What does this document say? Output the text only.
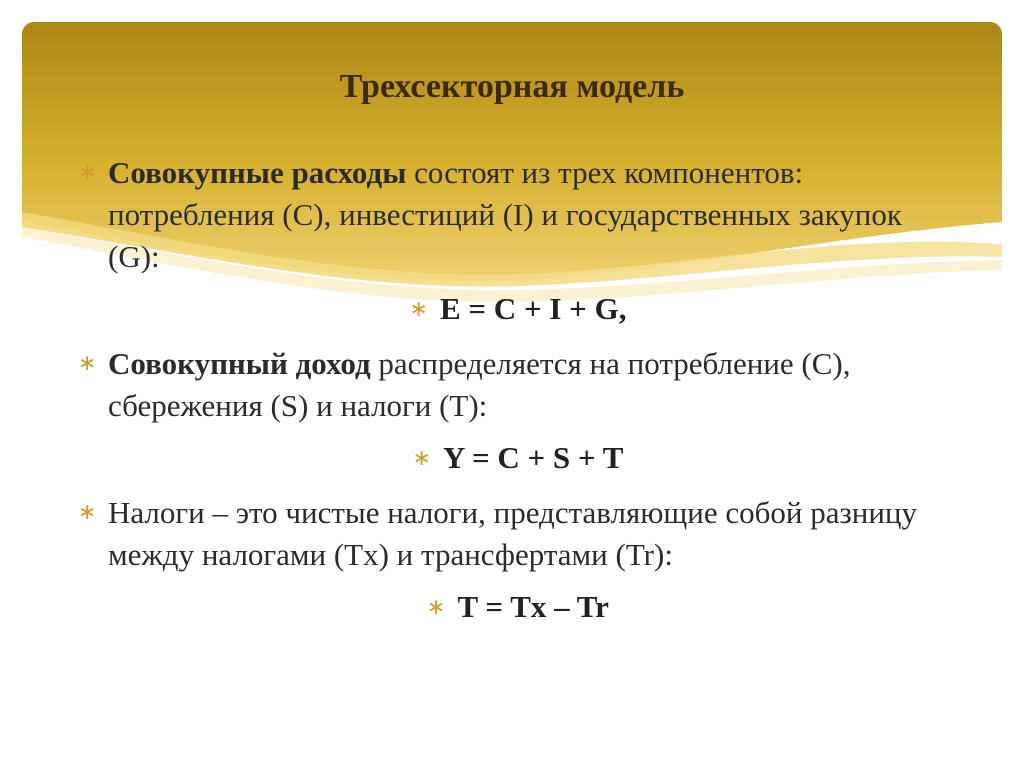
Трехсекторная модель
∗ Совокупные расходы состоят из трех компонентов: потребления (С), инвестиций (I) и государственных закупок (G):
∗ E = C + I + G,
∗ Совокупный доход распределяется на потребление (С), сбережения (S) и налоги (Т):
∗ Y = C + S + T
∗ Налоги – это чистые налоги, представляющие собой разницу между налогами (Tx) и трансфертами (Tr):
∗ T = Tx – Tr
